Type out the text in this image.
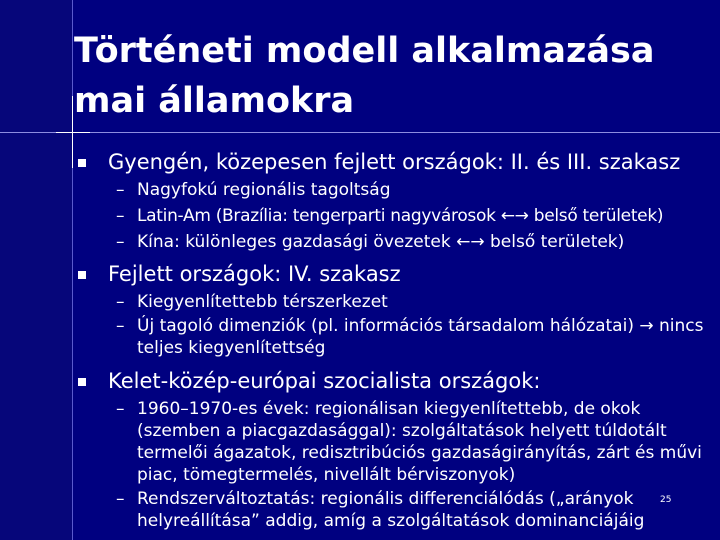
Történeti modell alkalmazása mai államokra
Gyengén, közepesen fejlett országok: II. és III. szakasz
– Nagyfokú regionális tagoltság
– Latin-Am (Brazília: tengerparti nagyvárosok ←→ belső területek)
– Kína: különleges gazdasági övezetek ←→ belső területek)
Fejlett országok: IV. szakasz
– Kiegyenlítettebb térszerkezet
– Új tagoló dimenziók (pl. információs társadalom hálózatai) → nincs teljes kiegyenlítettség
Kelet-közép-európai szocialista országok:
– 1960–1970-es évek: regionálisan kiegyenlítettebb, de okok (szemben a piacgazdasággal): szolgáltatások helyett túldotált termelői ágazatok, redisztribúciós gazdaságirányítás, zárt és művi piac, tömegtermelés, nivellált bérviszonyok)
– Rendszerváltoztatás: regionális differenciálódás („arányok helyreállítása” addig, amíg a szolgáltatások dominanciájáig
25
